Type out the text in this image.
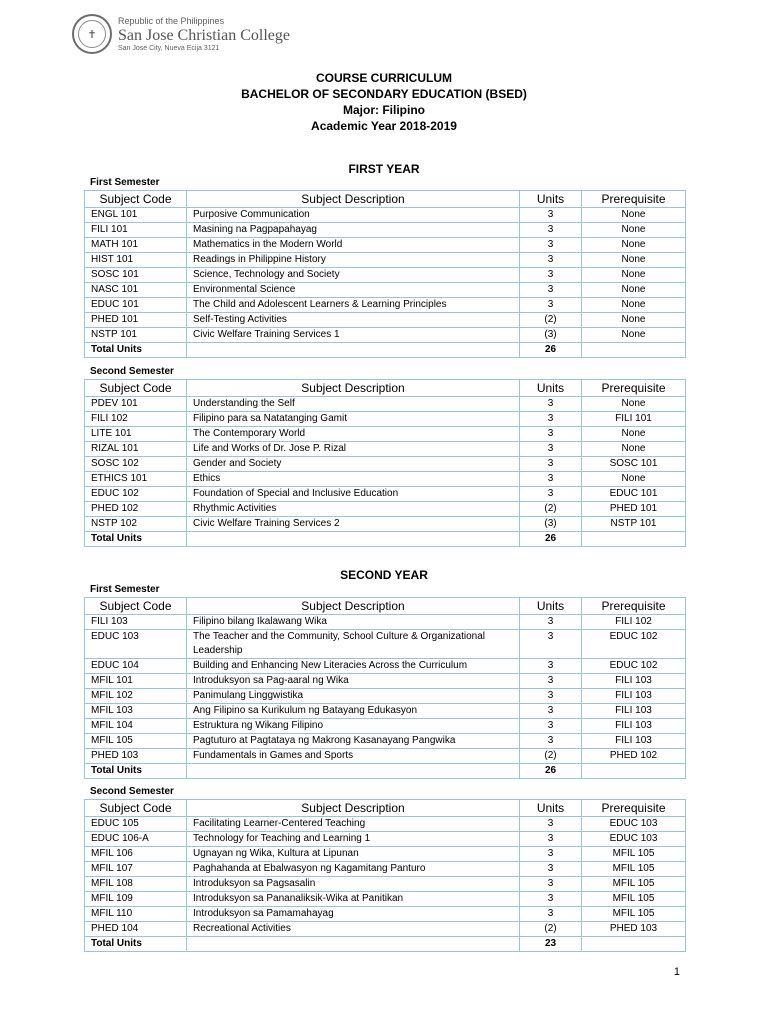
✝
Republic of the Philippines
San Jose Christian College
San Jose City, Nueva Ecija 3121
COURSE CURRICULUM
BACHELOR OF SECONDARY EDUCATION (BSED)
Major: Filipino
Academic Year 2018-2019
FIRST YEAR
First Semester
Subject Code	Subject Description	Units	Prerequisite
ENGL 101	Purposive Communication	3	None
FILI 101	Masining na Pagpapahayag	3	None
MATH 101	Mathematics in the Modern World	3	None
HIST 101	Readings in Philippine History	3	None
SOSC 101	Science, Technology and Society	3	None
NASC 101	Environmental Science	3	None
EDUC 101	The Child and Adolescent Learners & Learning Principles	3	None
PHED 101	Self-Testing Activities	(2)	None
NSTP 101	Civic Welfare Training Services 1	(3)	None
Total Units		26	
Second Semester
Subject Code	Subject Description	Units	Prerequisite
PDEV 101	Understanding the Self	3	None
FILI 102	Filipino para sa Natatanging Gamit	3	FILI 101
LITE 101	The Contemporary World	3	None
RIZAL 101	Life and Works of Dr. Jose P. Rizal	3	None
SOSC 102	Gender and Society	3	SOSC 101
ETHICS 101	Ethics	3	None
EDUC 102	Foundation of Special and Inclusive Education	3	EDUC 101
PHED 102	Rhythmic Activities	(2)	PHED 101
NSTP 102	Civic Welfare Training Services 2	(3)	NSTP 101
Total Units		26	
SECOND YEAR
First Semester
Subject Code	Subject Description	Units	Prerequisite
FILI 103	Filipino bilang Ikalawang Wika	3	FILI 102
EDUC 103	The Teacher and the Community, School Culture & Organizational Leadership	3	EDUC 102
EDUC 104	Building and Enhancing New Literacies Across the Curriculum	3	EDUC 102
MFIL 101	Introduksyon sa Pag-aaral ng Wika	3	FILI 103
MFIL 102	Panimulang Linggwistika	3	FILI 103
MFIL 103	Ang Filipino sa Kurikulum ng Batayang Edukasyon	3	FILI 103
MFIL 104	Estruktura ng Wikang Filipino	3	FILI 103
MFIL 105	Pagtuturo at Pagtataya ng Makrong Kasanayang Pangwika	3	FILI 103
PHED 103	Fundamentals in Games and Sports	(2)	PHED 102
Total Units		26	
Second Semester
Subject Code	Subject Description	Units	Prerequisite
EDUC 105	Facilitating Learner-Centered Teaching	3	EDUC 103
EDUC 106-A	Technology for Teaching and Learning 1	3	EDUC 103
MFIL 106	Ugnayan ng Wika, Kultura at Lipunan	3	MFIL 105
MFIL 107	Paghahanda at Ebalwasyon ng Kagamitang Panturo	3	MFIL 105
MFIL 108	Introduksyon sa Pagsasalin	3	MFIL 105
MFIL 109	Introduksyon sa Pananaliksik-Wika at Panitikan	3	MFIL 105
MFIL 110	Introduksyon sa Pamamahayag	3	MFIL 105
PHED 104	Recreational Activities	(2)	PHED 103
Total Units		23	
1
